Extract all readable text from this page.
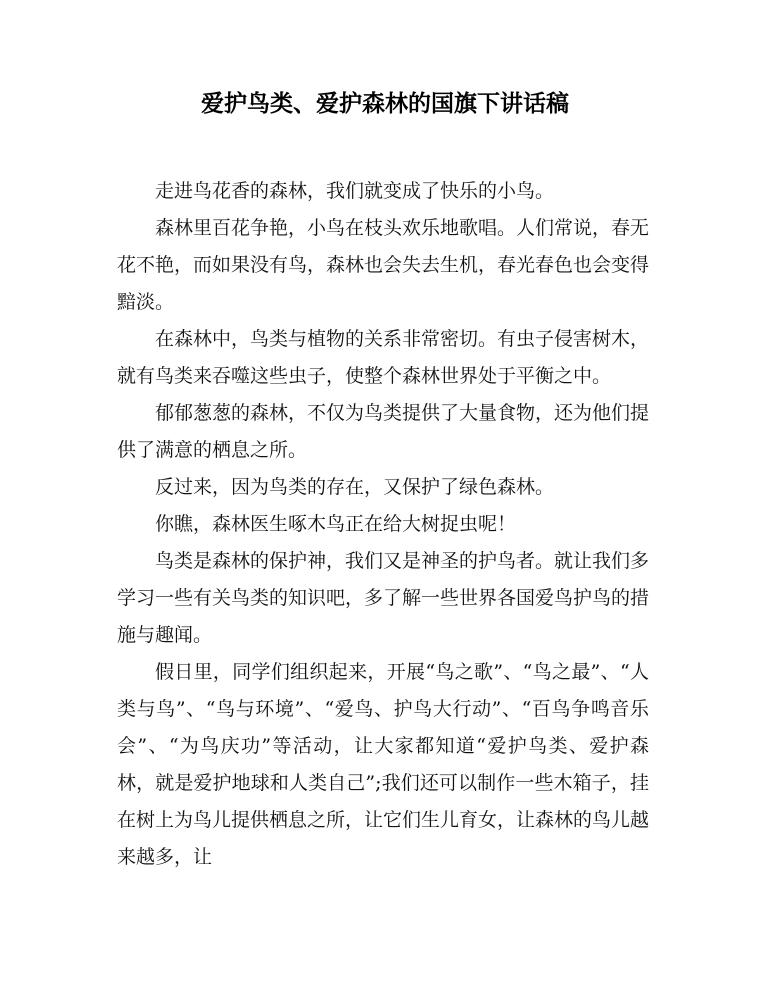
爱护鸟类、爱护森林的国旗下讲话稿

走进鸟花香的森林，我们就变成了快乐的小鸟。

森林里百花争艳，小鸟在枝头欢乐地歌唱。人们常说，春无花不艳，而如果没有鸟，森林也会失去生机，春光春色也会变得黯淡。

在森林中，鸟类与植物的关系非常密切。有虫子侵害树木，就有鸟类来吞噬这些虫子，使整个森林世界处于平衡之中。

郁郁葱葱的森林，不仅为鸟类提供了大量食物，还为他们提供了满意的栖息之所。

反过来，因为鸟类的存在，又保护了绿色森林。

你瞧，森林医生啄木鸟正在给大树捉虫呢！

鸟类是森林的保护神，我们又是神圣的护鸟者。就让我们多学习一些有关鸟类的知识吧，多了解一些世界各国爱鸟护鸟的措施与趣闻。

假日里，同学们组织起来，开展“鸟之歌”、“鸟之最”、“人类与鸟”、“鸟与环境”、“爱鸟、护鸟大行动”、“百鸟争鸣音乐会”、“为鸟庆功”等活动，让大家都知道“爱护鸟类、爱护森林，就是爱护地球和人类自己”;我们还可以制作一些木箱子，挂在树上为鸟儿提供栖息之所，让它们生儿育女，让森林的鸟儿越来越多，让
